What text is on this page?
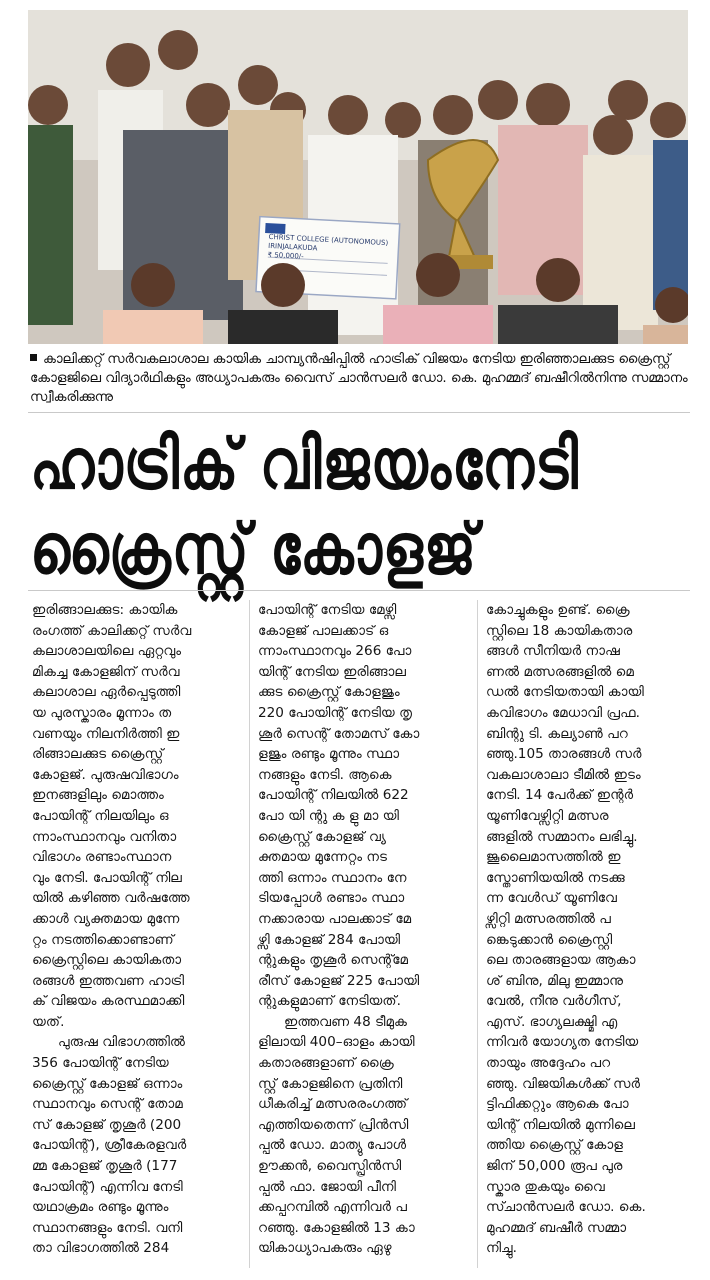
CHRIST COLLEGE (AUTONOMOUS)
IRINJALAKUDA
₹ 50,000/-
കാലിക്കറ്റ് സർവകലാശാല കായിക ചാമ്പ്യൻഷിപ്പിൽ ഹാട്രിക് വിജയം നേടിയ ഇരിഞ്ഞാലക്കുട ക്രൈസ്റ്റ് കോളജിലെ വിദ്യാർഥികളും അധ്യാപകരും വൈസ് ചാൻസലർ ഡോ. കെ. മുഹമ്മദ് ബഷീറിൽനിന്നു സമ്മാനം സ്വീകരിക്കുന്നു
ഹാട്രിക് വിജയംനേടി
ക്രൈസ്റ്റ് കോളജ്

ഇരിങ്ങാലക്കുട: കായിക
രംഗത്ത് കാലിക്കറ്റ് സർവ
കലാശാലയിലെ ഏറ്റവും
മികച്ച കോളജിന് സർവ
കലാശാല ഏർപ്പെടുത്തി
യ പുരസ്കാരം മൂന്നാം ത
വണയും നിലനിർത്തി ഇ
രിങ്ങാലക്കുട ക്രൈസ്റ്റ്
കോളജ്. പുരുഷവിഭാഗം
ഇനങ്ങളിലും മൊത്തം
പോയിന്റ് നിലയിലും ഒ
ന്നാംസ്ഥാനവും വനിതാ
വിഭാഗം രണ്ടാംസ്ഥാന
വും നേടി. പോയിന്റ് നില
യിൽ കഴിഞ്ഞ വർഷത്തേ
ക്കാൾ വ്യക്തമായ മുന്നേ
റ്റം നടത്തിക്കൊണ്ടാണ്
ക്രൈസ്റ്റിലെ കായികതാ
രങ്ങൾ ഇത്തവണ ഹാട്രി
ക് വിജയം കരസ്ഥമാക്കി
യത്.

പുരുഷ വിഭാഗത്തിൽ
356 പോയിന്റ് നേടിയ
ക്രൈസ്റ്റ് കോളജ് ഒന്നാം
സ്ഥാനവും സെന്റ് തോമ
സ് കോളജ് തൃശൂർ (200
പോയിന്റ്), ശ്രീകേരളവർ
മ്മ കോളജ് തൃശൂർ (177
പോയിന്റ്) എന്നിവ നേടി
യഥാക്രമം രണ്ടും മൂന്നും
സ്ഥാനങ്ങളും നേടി. വനി
താ വിഭാഗത്തിൽ 284

പോയിന്റ് നേടിയ മേഴ്സി
കോളജ് പാലക്കാട് ഒ
ന്നാംസ്ഥാനവും 266 പോ
യിന്റ് നേടിയ ഇരിങ്ങാല
ക്കുട ക്രൈസ്റ്റ് കോളജും
220 പോയിന്റ് നേടിയ തൃ
ശൂർ സെന്റ് തോമസ് കോ
ളജും രണ്ടും മൂന്നും സ്ഥാ
നങ്ങളും നേടി. ആകെ
പോയിന്റ് നിലയിൽ 622
പോ യി ന്റു ക ളു മാ യി
ക്രൈസ്റ്റ് കോളജ് വ്യ
ക്തമായ മുന്നേറ്റം നട
ത്തി ഒന്നാം സ്ഥാനം നേ
ടിയപ്പോൾ രണ്ടാം സ്ഥാ
നക്കാരായ പാലക്കാട് മേ
ഴ്സി കോളജ് 284 പോയി
ന്റുകളും തൃശൂർ സെന്റ്മേ
രീസ് കോളജ് 225 പോയി
ന്റുകളുമാണ് നേടിയത്.

ഇത്തവണ 48 ടീമുക
ളിലായി 400–ഓളം കായി
കതാരങ്ങളാണ് ക്രൈ
സ്റ്റ് കോളജിനെ പ്രതിനി
ധീകരിച്ച് മത്സരരംഗത്ത്
എത്തിയതെന്ന് പ്രിൻസി
പ്പൽ ഡോ. മാത്യു പോൾ
ഊക്കൻ, വൈസ്പ്രിൻസി
പ്പൽ ഫാ. ജോയി പീനി
ക്കപ്പറമ്പിൽ എന്നിവർ പ
റഞ്ഞു. കോളജിൽ 13 കാ
യികാധ്യാപകരും ഏഴു

കോച്ചുകളും ഉണ്ട്. ക്രൈ
സ്റ്റിലെ 18 കായികതാര
ങ്ങൾ സീനിയർ നാഷ
ണൽ മത്സരങ്ങളിൽ മെ
ഡൽ നേടിയതായി കായി
കവിഭാഗം മേധാവി പ്രഫ.
ബിന്റു ടി. കല്യാൺ പറ
ഞ്ഞു.105 താരങ്ങൾ സർ
വകലാശാലാ ടീമിൽ ഇടം
നേടി. 14 പേർക്ക് ഇന്റർ
യൂണിവേഴ്സിറ്റി മത്സര
ങ്ങളിൽ സമ്മാനം ലഭിച്ചു.
ജൂലൈമാസത്തിൽ ഇ
സ്തോണിയയിൽ നടക്കു
ന്ന വേൾഡ് യൂണിവേ
ഴ്സിറ്റി മത്സരത്തിൽ പ
ങ്കെടുക്കാൻ ക്രൈസ്റ്റി
ലെ താരങ്ങളായ ആകാ
ശ് ബിനു, മിലു ഇമ്മാനു
വേൽ, നീനു വർഗീസ്,
എസ്. ഭാഗ്യലക്ഷ്മി എ
ന്നിവർ യോഗ്യത നേടിയ
തായും അദ്ദേഹം പറ
ഞ്ഞു. വിജയികൾക്ക് സർ
ട്ടിഫിക്കറ്റും ആകെ പോ
യിന്റ് നിലയിൽ മുന്നിലെ
ത്തിയ ക്രൈസ്റ്റ് കോള
ജിന് 50,000 രൂപ പുര
സ്കാര തുകയും വൈ
സ്ചാൻസലർ ഡോ. കെ.
മുഹമ്മദ് ബഷീർ സമ്മാ
നിച്ചു.
